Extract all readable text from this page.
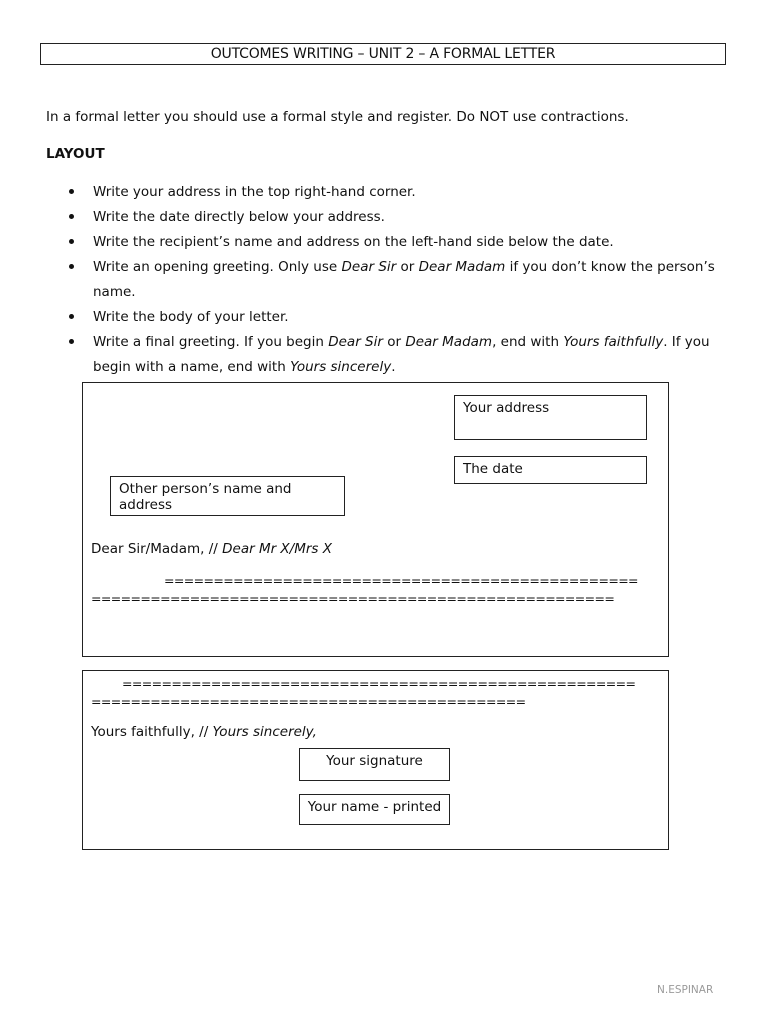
OUTCOMES WRITING – UNIT 2 – A FORMAL LETTER
In a formal letter you should use a formal style and register. Do NOT use contractions.
LAYOUT
Write your address in the top right-hand corner.
Write the date directly below your address.
Write the recipient’s name and address on the left-hand side below the date.
Write an opening greeting. Only use Dear Sir or Dear Madam if you don’t know the person’s name.
Write the body of your letter.
Write a final greeting. If you begin Dear Sir or Dear Madam, end with Yours faithfully. If you begin with a name, end with Yours sincerely.
Your address
The date
Other person’s name and address
Dear Sir/Madam, // Dear Mr X/Mrs X
================================================
=====================================================
====================================================
============================================
Yours faithfully, // Yours sincerely,
Your signature
Your name - printed
N.ESPINAR
